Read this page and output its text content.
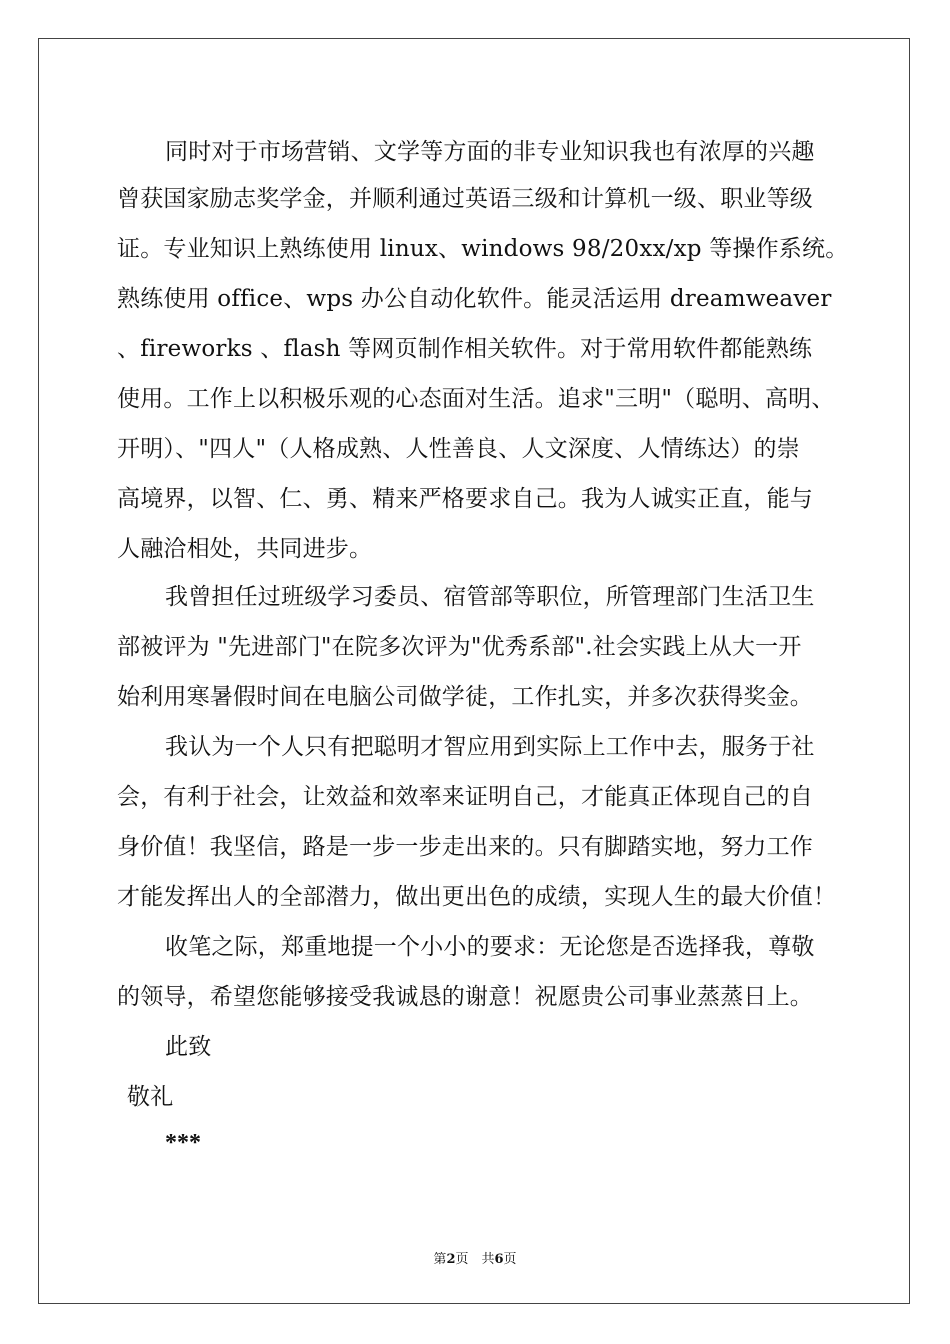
同时对于市场营销、文学等方面的非专业知识我也有浓厚的兴趣
曾获国家励志奖学金，并顺利通过英语三级和计算机一级、职业等级
证。专业知识上熟练使用 linux、windows 98/20xx/xp 等操作系统。
熟练使用 office、wps 办公自动化软件。能灵活运用 dreamweaver
、fireworks 、flash 等网页制作相关软件。对于常用软件都能熟练
使用。工作上以积极乐观的心态面对生活。追求"三明"（聪明、高明、
开明）、"四人"（人格成熟、人性善良、人文深度、人情练达）的崇
高境界，以智、仁、勇、精来严格要求自己。我为人诚实正直，能与
人融洽相处，共同进步。
我曾担任过班级学习委员、宿管部等职位，所管理部门生活卫生
部被评为 "先进部门"在院多次评为"优秀系部".社会实践上从大一开
始利用寒暑假时间在电脑公司做学徒，工作扎实，并多次获得奖金。
我认为一个人只有把聪明才智应用到实际上工作中去，服务于社
会，有利于社会，让效益和效率来证明自己，才能真正体现自己的自
身价值！我坚信，路是一步一步走出来的。只有脚踏实地，努力工作
才能发挥出人的全部潜力，做出更出色的成绩，实现人生的最大价值！
收笔之际，郑重地提一个小小的要求：无论您是否选择我，尊敬
的领导，希望您能够接受我诚恳的谢意！祝愿贵公司事业蒸蒸日上。
此致
敬礼
***
第2页　共6页
